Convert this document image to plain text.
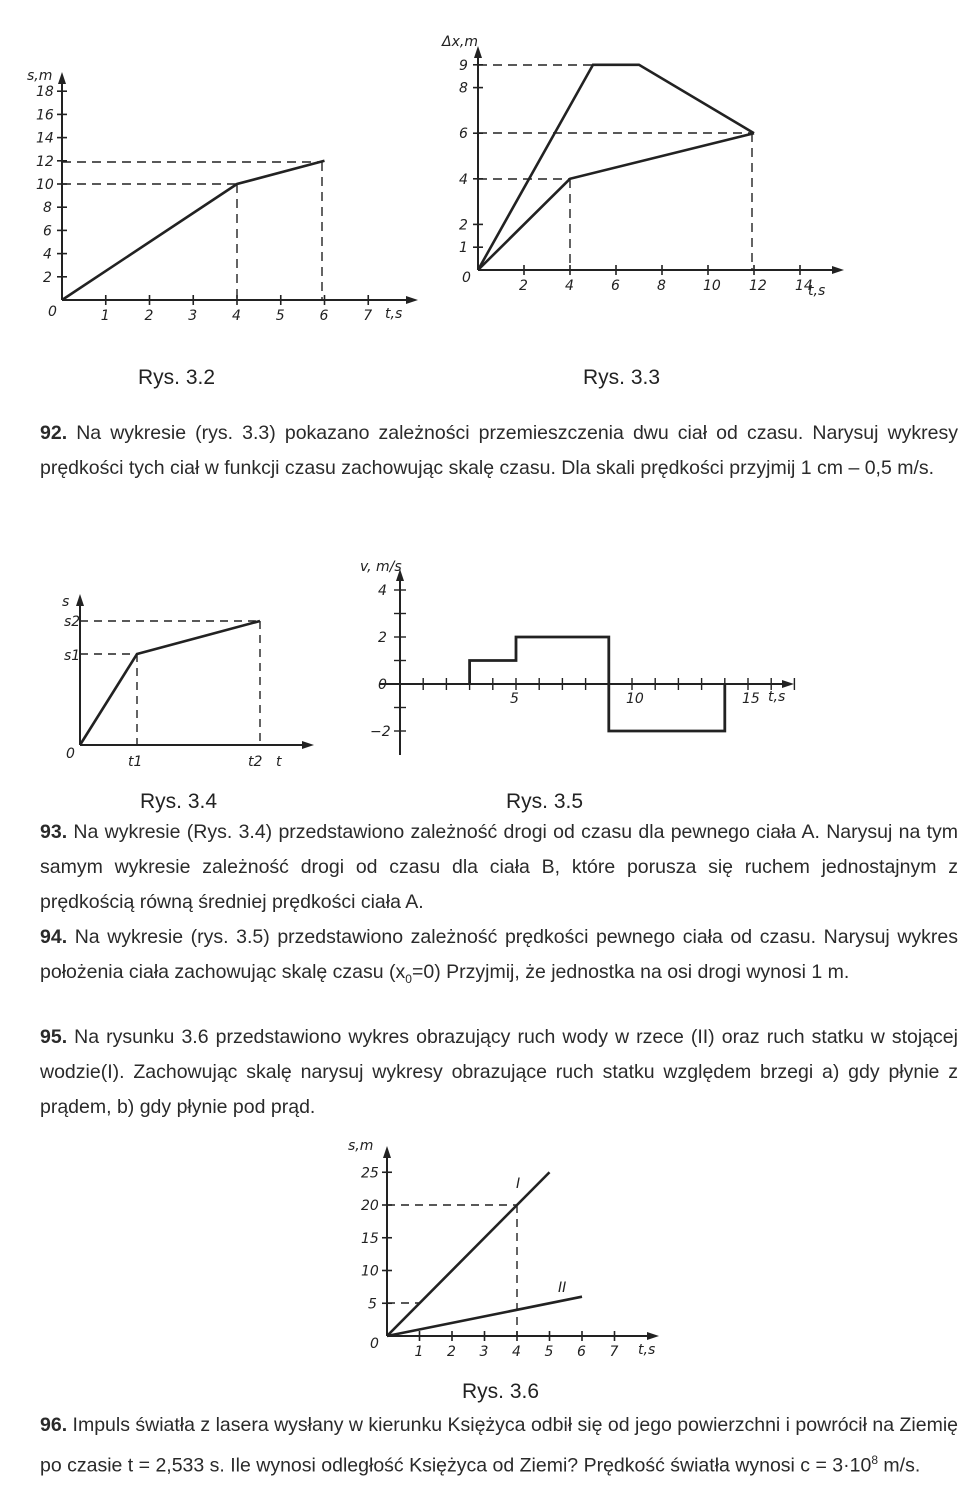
s,m
t,s
0	1 2 3 4 5 6 7
2
4
6
8
10
12
14
16
18
Rys. 3.2
Δx,m
t,s
0	2	4	6	8	10 12 14
1
2
4
6
8
9
Rys. 3.3
92. Na wykresie (rys. 3.3) pokazano zależności przemieszczenia dwu ciał od czasu. Narysuj wykresy prędkości tych ciał w funkcji czasu zachowując skalę czasu. Dla skali prędkości przyjmij 1 cm – 0,5 m/s.
s
t
0
s2
s1
t1	t2
Rys. 3.4
v, m/s
t,s
5	10	15
4
2
0
−2
Rys. 3.5
93. Na wykresie (Rys. 3.4) przedstawiono zależność drogi od czasu dla pewnego ciała A. Narysuj na tym samym wykresie zależność drogi od czasu dla ciała B, które porusza się ruchem jednostajnym z prędkością równą średniej prędkości ciała A.
94. Na wykresie (rys. 3.5) przedstawiono zależność prędkości pewnego ciała od czasu. Narysuj wykres położenia ciała zachowując skalę czasu $(x_0=0)$ Przyjmij, że jednostka na osi drogi wynosi 1 m.
95. Na rysunku 3.6 przedstawiono wykres obrazujący ruch wody w rzece (II) oraz ruch statku w stojącej wodzie(I). Zachowując skalę narysuj wykresy obrazujące ruch statku względem brzegi a) gdy płynie z prądem, b) gdy płynie pod prąd.
s,m
t,s
0	1 2 3 4 5 6 7
5
10
15
20
25
I
II
Rys. 3.6
96. Impuls światła z lasera wysłany w kierunku Księżyca odbił się od jego powierzchni i powrócił na Ziemię po czasie t = 2,533 s. Ile wynosi odległość Księżyca od Ziemi? Prędkość światła wynosi $c = 3\cdot 10^8$ m/s.
